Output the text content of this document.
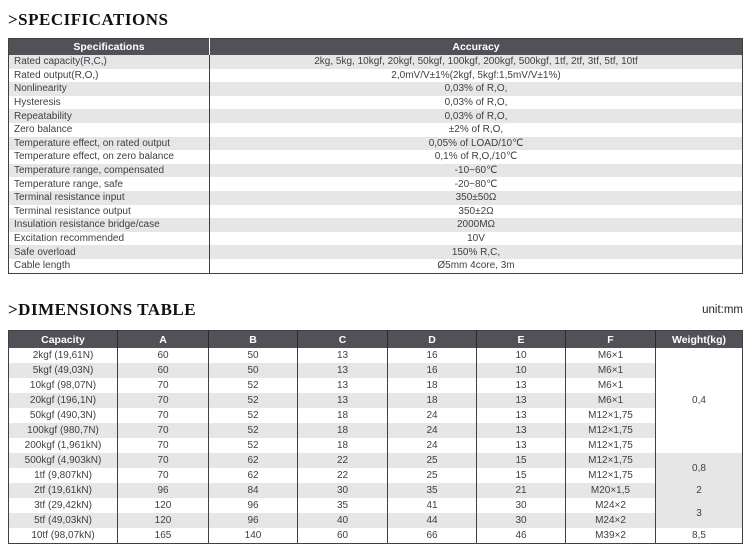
>SPECIFICATIONS
Specifications	Accuracy
Rated capacity(R,C,)	2kg, 5kg, 10kgf, 20kgf, 50kgf, 100kgf, 200kgf, 500kgf, 1tf, 2tf, 3tf, 5tf, 10tf
Rated output(R,O,)	2,0mV/V±1%(2kgf, 5kgf:1,5mV/V±1%)
Nonlinearity	0,03% of R,O,
Hysteresis	0,03% of R,O,
Repeatability	0,03% of R,O,
Zero balance	±2% of R,O,
Temperature effect, on rated output	0,05% of LOAD/10℃
Temperature effect, on zero balance	0,1% of R,O,/10℃
Temperature range, compensated	-10~60℃
Temperature range, safe	-20~80℃
Terminal resistance input	350±50Ω
Terminal resistance output	350±2Ω
Insulation resistance bridge/case	2000MΩ
Excitation recommended	10V
Safe overload	150% R,C,
Cable length	Ø5mm 4core, 3m
>DIMENSIONS TABLE	unit:mm
Capacity	A	B	C	D	E	F	Weight(kg)
2kgf (19,61N)	60	50	13	16	10	M6×1	0,4
5kgf (49,03N)	60	50	13	16	10	M6×1	
10kgf (98,07N)	70	52	13	18	13	M6×1	
20kgf (196,1N)	70	52	13	18	13	M6×1	
50kgf (490,3N)	70	52	18	24	13	M12×1,75	
100kgf (980,7N)	70	52	18	24	13	M12×1,75	
200kgf (1,961kN)	70	52	18	24	13	M12×1,75	
500kgf (4,903kN)	70	62	22	25	15	M12×1,75	0,8
1tf (9,807kN)	70	62	22	25	15	M12×1,75	
2tf (19,61kN)	96	84	30	35	21	M20×1,5	2
3tf (29,42kN)	120	96	35	41	30	M24×2	3
5tf (49,03kN)	120	96	40	44	30	M24×2	
10tf (98,07kN)	165	140	60	66	46	M39×2	8,5
